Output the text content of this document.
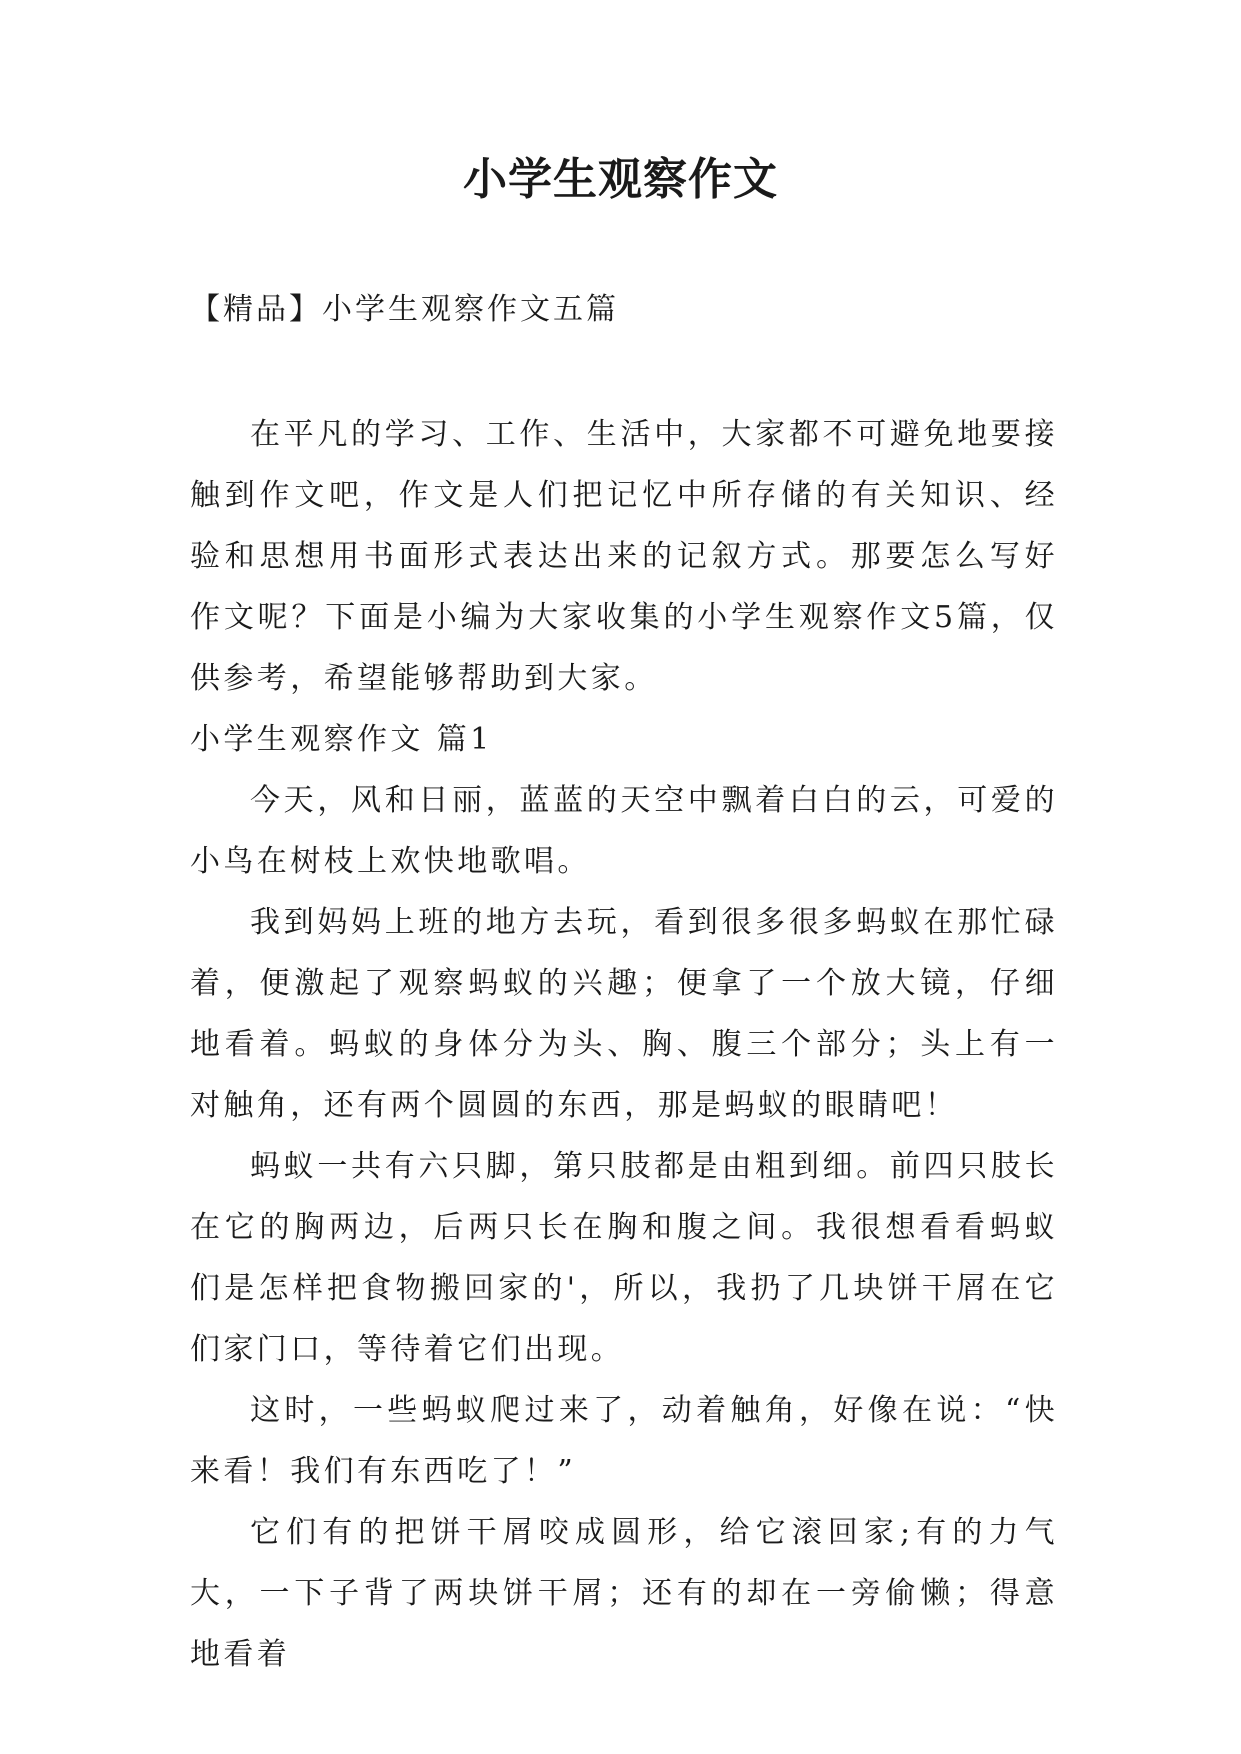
小学生观察作文

【精品】小学生观察作文五篇

在平凡的学习、工作、生活中，大家都不可避免地要接触到作文吧，作文是人们把记忆中所存储的有关知识、经验和思想用书面形式表达出来的记叙方式。那要怎么写好作文呢？下面是小编为大家收集的小学生观察作文5篇，仅供参考，希望能够帮助到大家。

小学生观察作文 篇1

今天，风和日丽，蓝蓝的天空中飘着白白的云，可爱的小鸟在树枝上欢快地歌唱。

我到妈妈上班的地方去玩，看到很多很多蚂蚁在那忙碌着，便激起了观察蚂蚁的兴趣；便拿了一个放大镜，仔细地看着。蚂蚁的身体分为头、胸、腹三个部分；头上有一对触角，还有两个圆圆的东西，那是蚂蚁的眼睛吧！

蚂蚁一共有六只脚，第只肢都是由粗到细。前四只肢长在它的胸两边，后两只长在胸和腹之间。我很想看看蚂蚁们是怎样把食物搬回家的'，所以，我扔了几块饼干屑在它们家门口，等待着它们出现。

这时，一些蚂蚁爬过来了，动着触角，好像在说：“快来看！我们有东西吃了！”

它们有的把饼干屑咬成圆形，给它滚回家;有的力气大，一下子背了两块饼干屑；还有的却在一旁偷懒；得意地看着
